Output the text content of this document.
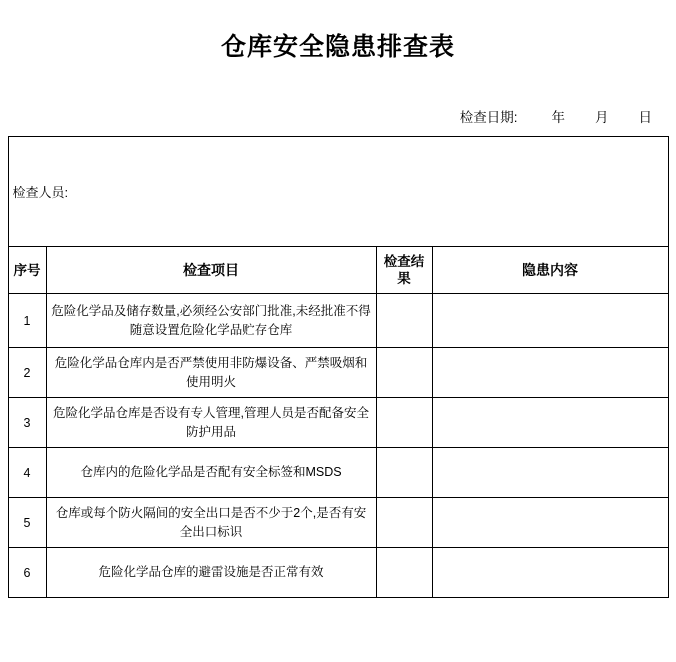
仓库安全隐患排查表
检查日期:	年 月 日
检查人员:			
序号	检查项目	检查结果	隐患内容
1	危险化学品及储存数量,必须经公安部门批准,未经批准不得随意设置危险化学品贮存仓库		
2	危险化学品仓库内是否严禁使用非防爆设备、严禁吸烟和使用明火		
3	危险化学品仓库是否设有专人管理,管理人员是否配备安全防护用品		
4	仓库内的危险化学品是否配有安全标签和MSDS		
5	仓库或每个防火隔间的安全出口是否不少于2个,是否有安全出口标识		
6	危险化学品仓库的避雷设施是否正常有效		
